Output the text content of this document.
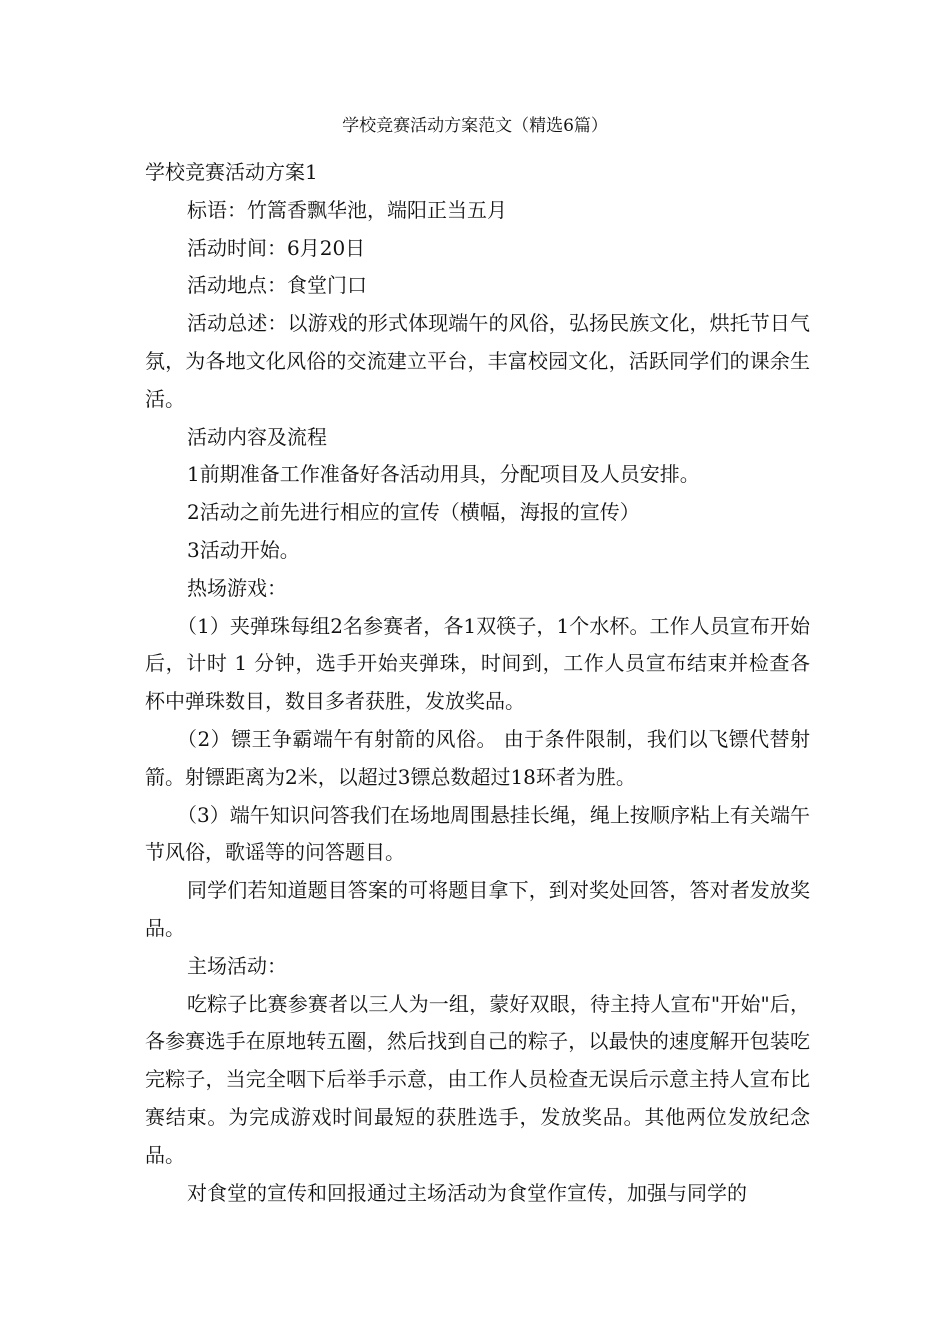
学校竞赛活动方案范文（精选6篇）

学校竞赛活动方案1

标语：竹篙香飘华池，端阳正当五月

活动时间：6月20日

活动地点：食堂门口

活动总述：以游戏的形式体现端午的风俗，弘扬民族文化，烘托节日气氛，为各地文化风俗的交流建立平台，丰富校园文化，活跃同学们的课余生活。

活动内容及流程

1前期准备工作准备好各活动用具，分配项目及人员安排。

2活动之前先进行相应的宣传（横幅，海报的宣传）

3活动开始。

热场游戏：

（1）夹弹珠每组2名参赛者，各1双筷子，1个水杯。工作人员宣布开始后，计时 1 分钟，选手开始夹弹珠，时间到，工作人员宣布结束并检查各杯中弹珠数目，数目多者获胜，发放奖品。

（2）镖王争霸端午有射箭的风俗。 由于条件限制，我们以飞镖代替射箭。射镖距离为2米，以超过3镖总数超过18环者为胜。

（3）端午知识问答我们在场地周围悬挂长绳，绳上按顺序粘上有关端午节风俗，歌谣等的问答题目。

同学们若知道题目答案的可将题目拿下，到对奖处回答，答对者发放奖品。

主场活动：

吃粽子比赛参赛者以三人为一组，蒙好双眼，待主持人宣布"开始"后，各参赛选手在原地转五圈，然后找到自己的粽子，以最快的速度解开包装吃完粽子，当完全咽下后举手示意，由工作人员检查无误后示意主持人宣布比赛结束。为完成游戏时间最短的获胜选手，发放奖品。其他两位发放纪念品。

对食堂的宣传和回报通过主场活动为食堂作宣传，加强与同学的
